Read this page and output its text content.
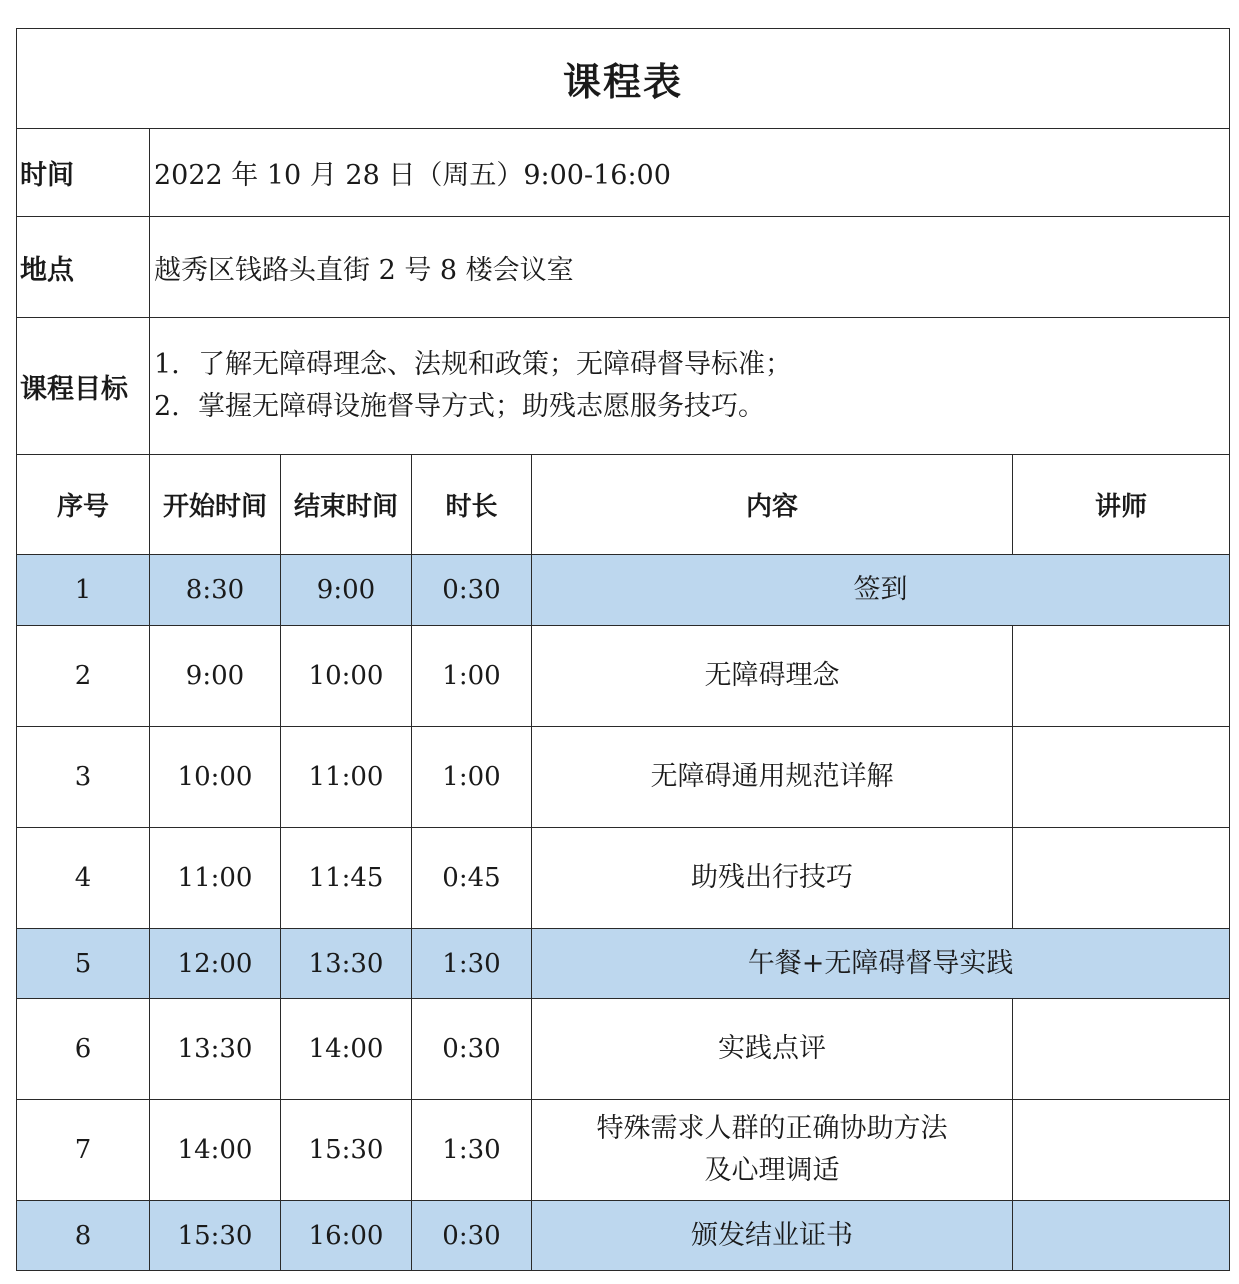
课程表					
时间	2022 年 10 月 28 日（周五）9:00-16:00				
地点	越秀区钱路头直街 2 号 8 楼会议室				
课程目标	1. 了解无障碍理念、法规和政策；无障碍督导标准；
2. 掌握无障碍设施督导方式；助残志愿服务技巧。				

序号	开始时间	结束时间	时长	内容	讲师
1	8:30	9:00	0:30	签到	

2	9:00	10:00	1:00	无障碍理念	

3	10:00	11:00	1:00	无障碍通用规范详解	

4	11:00	11:45	0:45	助残出行技巧	

5	12:00	13:30	1:30	午餐+无障碍督导实践	

6	13:30	14:00	0:30	实践点评	

7	14:00	15:30	1:30	特殊需求人群的正确协助方法
及心理调适	

8	15:30	16:00	0:30	颁发结业证书	
